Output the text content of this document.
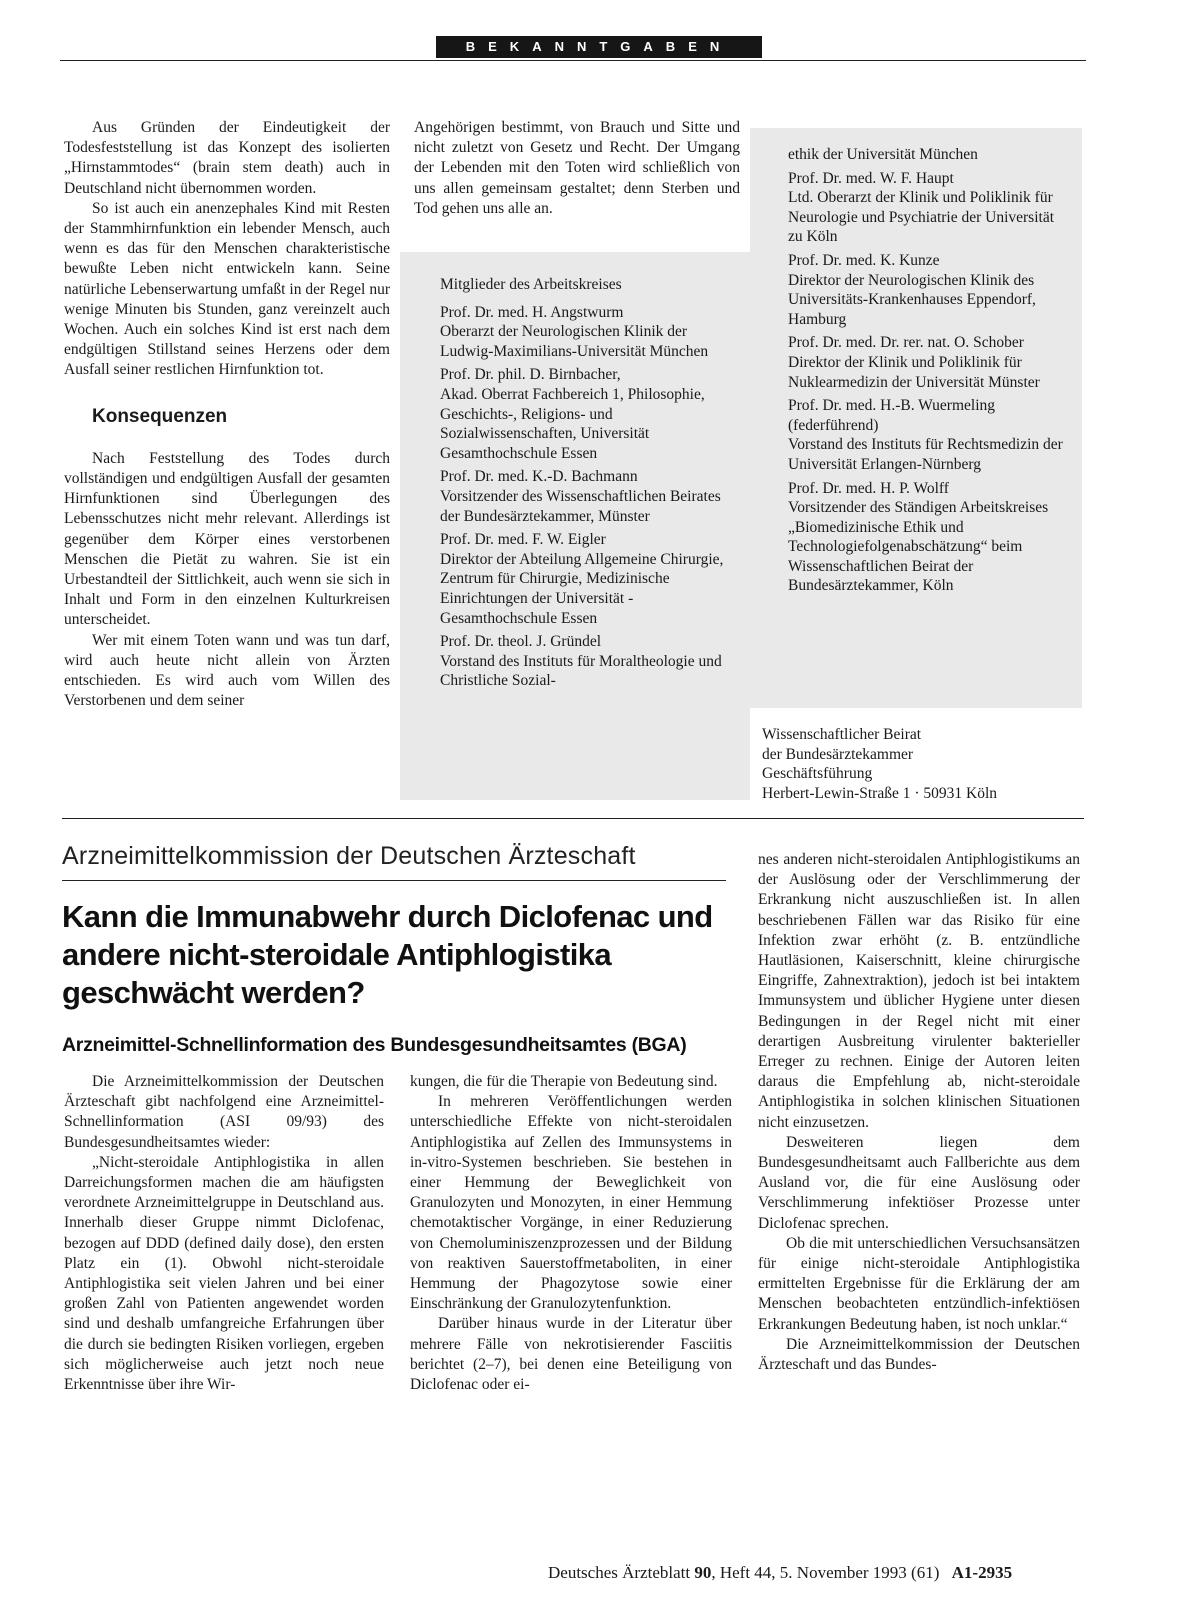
BEKANNTGABEN

Aus Gründen der Eindeutigkeit der Todesfeststellung ist das Konzept des isolierten „Hirnstammtodes“ (brain stem death) auch in Deutschland nicht übernommen worden.

So ist auch ein anenzephales Kind mit Resten der Stammhirnfunktion ein lebender Mensch, auch wenn es das für den Menschen charakteristische bewußte Leben nicht entwickeln kann. Seine natürliche Lebenserwartung umfaßt in der Regel nur wenige Minuten bis Stunden, ganz vereinzelt auch Wochen. Auch ein solches Kind ist erst nach dem endgültigen Stillstand seines Herzens oder dem Ausfall seiner restlichen Hirnfunktion tot.

Konsequenzen

Nach Feststellung des Todes durch vollständigen und endgültigen Ausfall der gesamten Hirnfunktionen sind Überlegungen des Lebensschutzes nicht mehr relevant. Allerdings ist gegenüber dem Körper eines verstorbenen Menschen die Pietät zu wahren. Sie ist ein Urbestandteil der Sittlichkeit, auch wenn sie sich in Inhalt und Form in den einzelnen Kulturkreisen unterscheidet.

Wer mit einem Toten wann und was tun darf, wird auch heute nicht allein von Ärzten entschieden. Es wird auch vom Willen des Verstorbenen und dem seiner

Angehörigen bestimmt, von Brauch und Sitte und nicht zuletzt von Gesetz und Recht. Der Umgang der Lebenden mit den Toten wird schließlich von uns allen gemeinsam gestaltet; denn Sterben und Tod gehen uns alle an.

Mitglieder des Arbeitskreises
Prof. Dr. med. H. Angstwurm
Oberarzt der Neurologischen Klinik der Ludwig-Maximilians-Universität München
Prof. Dr. phil. D. Birnbacher,
Akad. Oberrat Fachbereich 1, Philosophie, Geschichts-, Religions- und Sozialwissenschaften, Universität Gesamthochschule Essen
Prof. Dr. med. K.-D. Bachmann
Vorsitzender des Wissenschaftlichen Beirates der Bundesärztekammer, Münster
Prof. Dr. med. F. W. Eigler
Direktor der Abteilung Allgemeine Chirurgie, Zentrum für Chirurgie, Medizinische Einrichtungen der Universität - Gesamthochschule Essen
Prof. Dr. theol. J. Gründel
Vorstand des Instituts für Moraltheologie und Christliche Sozial-
ethik der Universität München
Prof. Dr. med. W. F. Haupt
Ltd. Oberarzt der Klinik und Poliklinik für Neurologie und Psychiatrie der Universität zu Köln
Prof. Dr. med. K. Kunze
Direktor der Neurologischen Klinik des Universitäts-Krankenhauses Eppendorf, Hamburg
Prof. Dr. med. Dr. rer. nat. O. Schober
Direktor der Klinik und Poliklinik für Nuklearmedizin der Universität Münster
Prof. Dr. med. H.-B. Wuermeling (federführend)
Vorstand des Instituts für Rechtsmedizin der Universität Erlangen-Nürnberg
Prof. Dr. med. H. P. Wolff
Vorsitzender des Ständigen Arbeitskreises „Biomedizinische Ethik und Technologiefolgenabschätzung“ beim Wissenschaftlichen Beirat der Bundesärztekammer, Köln
Wissenschaftlicher Beirat
der Bundesärztekammer
Geschäftsführung
Herbert-Lewin-Straße 1 · 50931 Köln
Arzneimittelkommission der Deutschen Ärzteschaft
Kann die Immunabwehr durch Diclofenac und andere nicht-steroidale Antiphlogistika geschwächt werden?
Arzneimittel-Schnellinformation des Bundesgesundheitsamtes (BGA)

Die Arzneimittelkommission der Deutschen Ärzteschaft gibt nachfolgend eine Arzneimittel-Schnellinformation (ASI 09/93) des Bundesgesundheitsamtes wieder:

„Nicht-steroidale Antiphlogistika in allen Darreichungsformen machen die am häufigsten verordnete Arzneimittelgruppe in Deutschland aus. Innerhalb dieser Gruppe nimmt Diclofenac, bezogen auf DDD (defined daily dose), den ersten Platz ein (1). Obwohl nicht-steroidale Antiphlogistika seit vielen Jahren und bei einer großen Zahl von Patienten angewendet worden sind und deshalb umfangreiche Erfahrungen über die durch sie bedingten Risiken vorliegen, ergeben sich möglicherweise auch jetzt noch neue Erkenntnisse über ihre Wir-

kungen, die für die Therapie von Bedeutung sind.

In mehreren Veröffentlichungen werden unterschiedliche Effekte von nicht-steroidalen Antiphlogistika auf Zellen des Immunsystems in in-vitro-Systemen beschrieben. Sie bestehen in einer Hemmung der Beweglichkeit von Granulozyten und Monozyten, in einer Hemmung chemotaktischer Vorgänge, in einer Reduzierung von Chemoluminiszenzprozessen und der Bildung von reaktiven Sauerstoffmetaboliten, in einer Hemmung der Phagozytose sowie einer Einschränkung der Granulozytenfunktion.

Darüber hinaus wurde in der Literatur über mehrere Fälle von nekrotisierender Fasciitis berichtet (2–7), bei denen eine Beteiligung von Diclofenac oder ei-

nes anderen nicht-steroidalen Antiphlogistikums an der Auslösung oder der Verschlimmerung der Erkrankung nicht auszuschließen ist. In allen beschriebenen Fällen war das Risiko für eine Infektion zwar erhöht (z. B. entzündliche Hautläsionen, Kaiserschnitt, kleine chirurgische Eingriffe, Zahnextraktion), jedoch ist bei intaktem Immunsystem und üblicher Hygiene unter diesen Bedingungen in der Regel nicht mit einer derartigen Ausbreitung virulenter bakterieller Erreger zu rechnen. Einige der Autoren leiten daraus die Empfehlung ab, nicht-steroidale Antiphlogistika in solchen klinischen Situationen nicht einzusetzen.

Desweiteren liegen dem Bundesgesundheitsamt auch Fallberichte aus dem Ausland vor, die für eine Auslösung oder Verschlimmerung infektiöser Prozesse unter Diclofenac sprechen.

Ob die mit unterschiedlichen Versuchsansätzen für einige nicht-steroidale Antiphlogistika ermittelten Ergebnisse für die Erklärung der am Menschen beobachteten entzündlich-infektiösen Erkrankungen Bedeutung haben, ist noch unklar.“

Die Arzneimittelkommission der Deutschen Ärzteschaft und das Bundes-

Deutsches Ärzteblatt 90, Heft 44, 5. November 1993 (61) A1-2935
